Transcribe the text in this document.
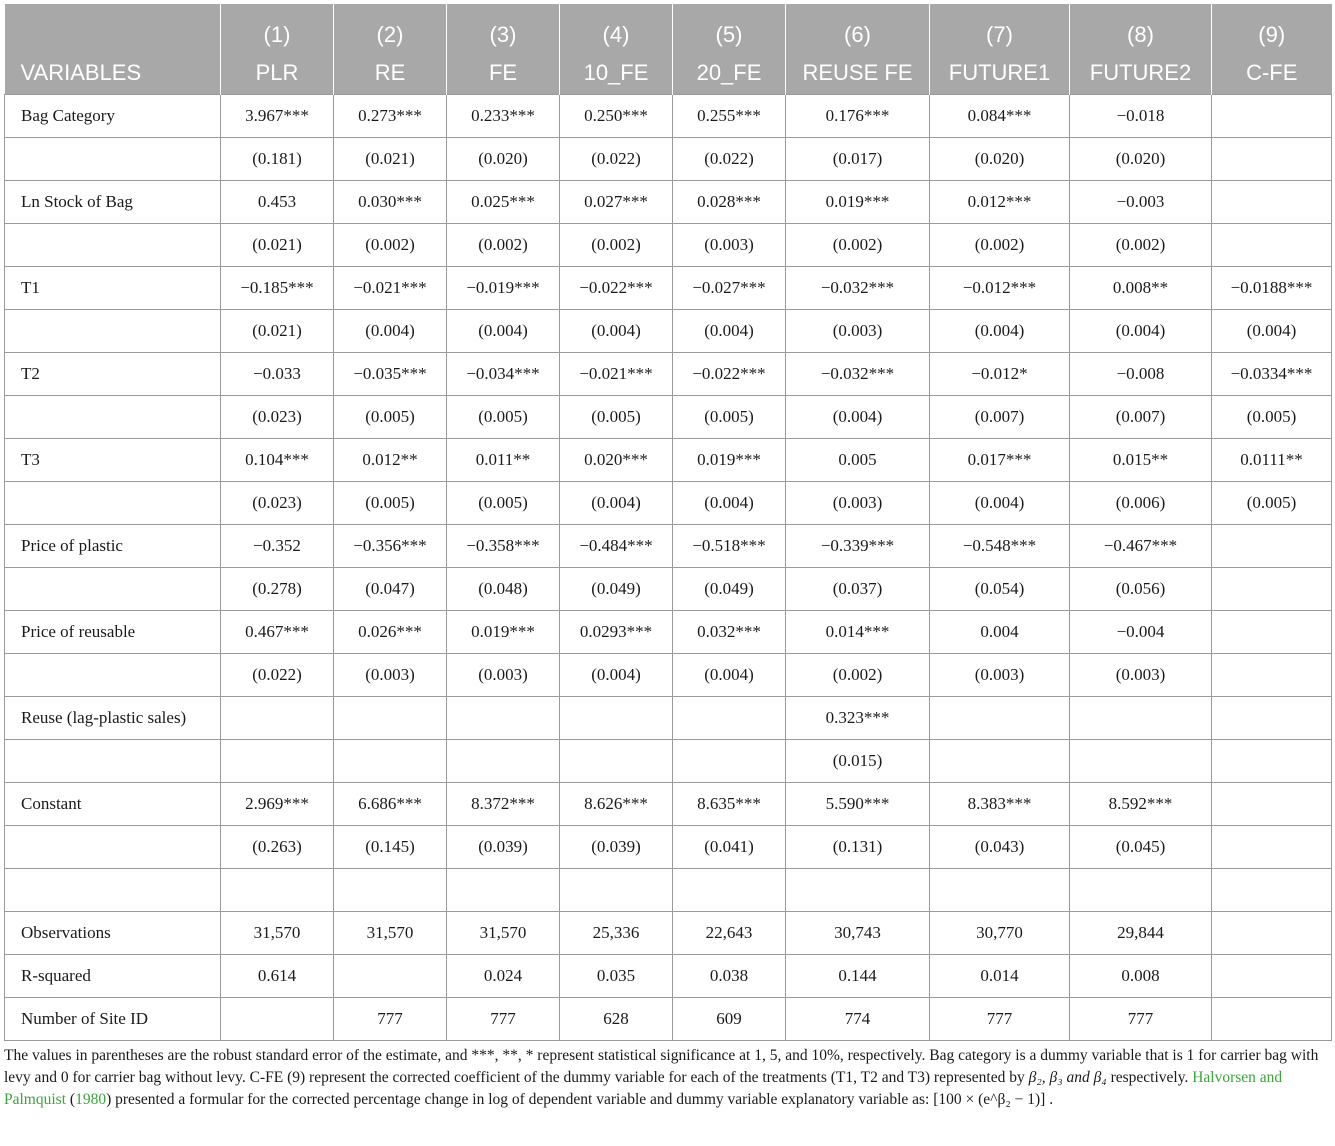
	(1)	(2)	(3)	(4)	(5)	(6)	(7)	(8)	(9)
VARIABLES	PLR	RE	FE	10_FE	20_FE	REUSE FE	FUTURE1	FUTURE2	C-FE
Bag Category	3.967***	0.273***	0.233***	0.250***	0.255***	0.176***	0.084***	−0.018	
	(0.181)	(0.021)	(0.020)	(0.022)	(0.022)	(0.017)	(0.020)	(0.020)	
Ln Stock of Bag	0.453	0.030***	0.025***	0.027***	0.028***	0.019***	0.012***	−0.003	
	(0.021)	(0.002)	(0.002)	(0.002)	(0.003)	(0.002)	(0.002)	(0.002)	
T1	−0.185***	−0.021***	−0.019***	−0.022***	−0.027***	−0.032***	−0.012***	0.008**	−0.0188***
	(0.021)	(0.004)	(0.004)	(0.004)	(0.004)	(0.003)	(0.004)	(0.004)	(0.004)
T2	−0.033	−0.035***	−0.034***	−0.021***	−0.022***	−0.032***	−0.012*	−0.008	−0.0334***
	(0.023)	(0.005)	(0.005)	(0.005)	(0.005)	(0.004)	(0.007)	(0.007)	(0.005)
T3	0.104***	0.012**	0.011**	0.020***	0.019***	0.005	0.017***	0.015**	0.0111**
	(0.023)	(0.005)	(0.005)	(0.004)	(0.004)	(0.003)	(0.004)	(0.006)	(0.005)
Price of plastic	−0.352	−0.356***	−0.358***	−0.484***	−0.518***	−0.339***	−0.548***	−0.467***	
	(0.278)	(0.047)	(0.048)	(0.049)	(0.049)	(0.037)	(0.054)	(0.056)	
Price of reusable	0.467***	0.026***	0.019***	0.0293***	0.032***	0.014***	0.004	−0.004	
	(0.022)	(0.003)	(0.003)	(0.004)	(0.004)	(0.002)	(0.003)	(0.003)	
Reuse (lag-plastic sales)						0.323***			
						(0.015)			
Constant	2.969***	6.686***	8.372***	8.626***	8.635***	5.590***	8.383***	8.592***	
	(0.263)	(0.145)	(0.039)	(0.039)	(0.041)	(0.131)	(0.043)	(0.045)	

Observations	31,570	31,570	31,570	25,336	22,643	30,743	30,770	29,844	
R-squared	0.614		0.024	0.035	0.038	0.144	0.014	0.008	
Number of Site ID		777	777	628	609	774	777	777	

The values in parentheses are the robust standard error of the estimate, and ***, **, * represent statistical significance at 1, 5, and 10%, respectively. Bag category is a dummy variable that is 1 for carrier bag with levy and 0 for carrier bag without levy. C-FE (9) represent the corrected coefficient of the dummy variable for each of the treatments (T1, T2 and T3) represented by β₂, β₃ and β₄ respectively. Halvorsen and Palmquist (1980) presented a formular for the corrected percentage change in log of dependent variable and dummy variable explanatory variable as: [100 × (e^β₂ − 1)] .
